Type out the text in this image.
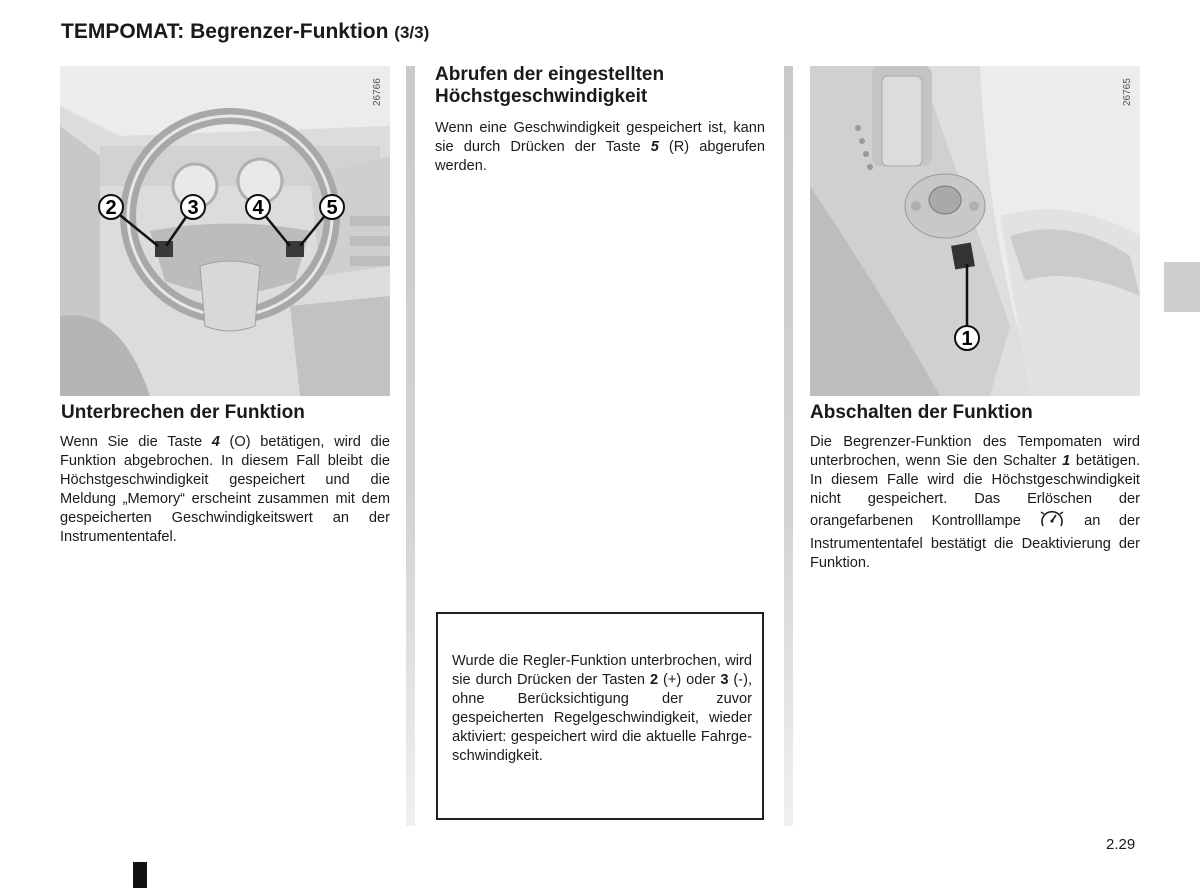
TEMPOMAT: Begrenzer-Funktion (3/3)
2	3	4	5
26766
Unterbrechen der Funktion

Wenn Sie die Taste 4 (O) betätigen, wird die Funktion abgebrochen. In diesem Fall bleibt die Höchstgeschwindigkeit gespeichert und die Meldung „Memory“ erscheint zusammen mit dem gespeicherten Geschwindigkeitswert an der Instrumententafel.

Abrufen der eingestellten Höchstgeschwindigkeit

Wenn eine Geschwindigkeit gespeichert ist, kann sie durch Drücken der Taste 5 (R) abgerufen werden.

Wurde die Regler-Funktion unterbrochen, wird sie durch Drücken der Tasten 2 (+) oder 3 (-), ohne Berücksichtigung der zuvor gespeicherten Regelgeschwindigkeit, wieder aktiviert: gespeichert wird die aktuelle Fahrgeschwindigkeit.

1
26765
Abschalten der Funktion

Die Begrenzer-Funktion des Tempomaten wird unterbrochen, wenn Sie den Schalter 1 betätigen. In diesem Falle wird die Höchstgeschwindigkeit nicht gespeichert. Das Erlöschen der orangefarbenen Kontrolllampe  an der Instrumententafel bestätigt die Deaktivierung der Funktion.

2.29
